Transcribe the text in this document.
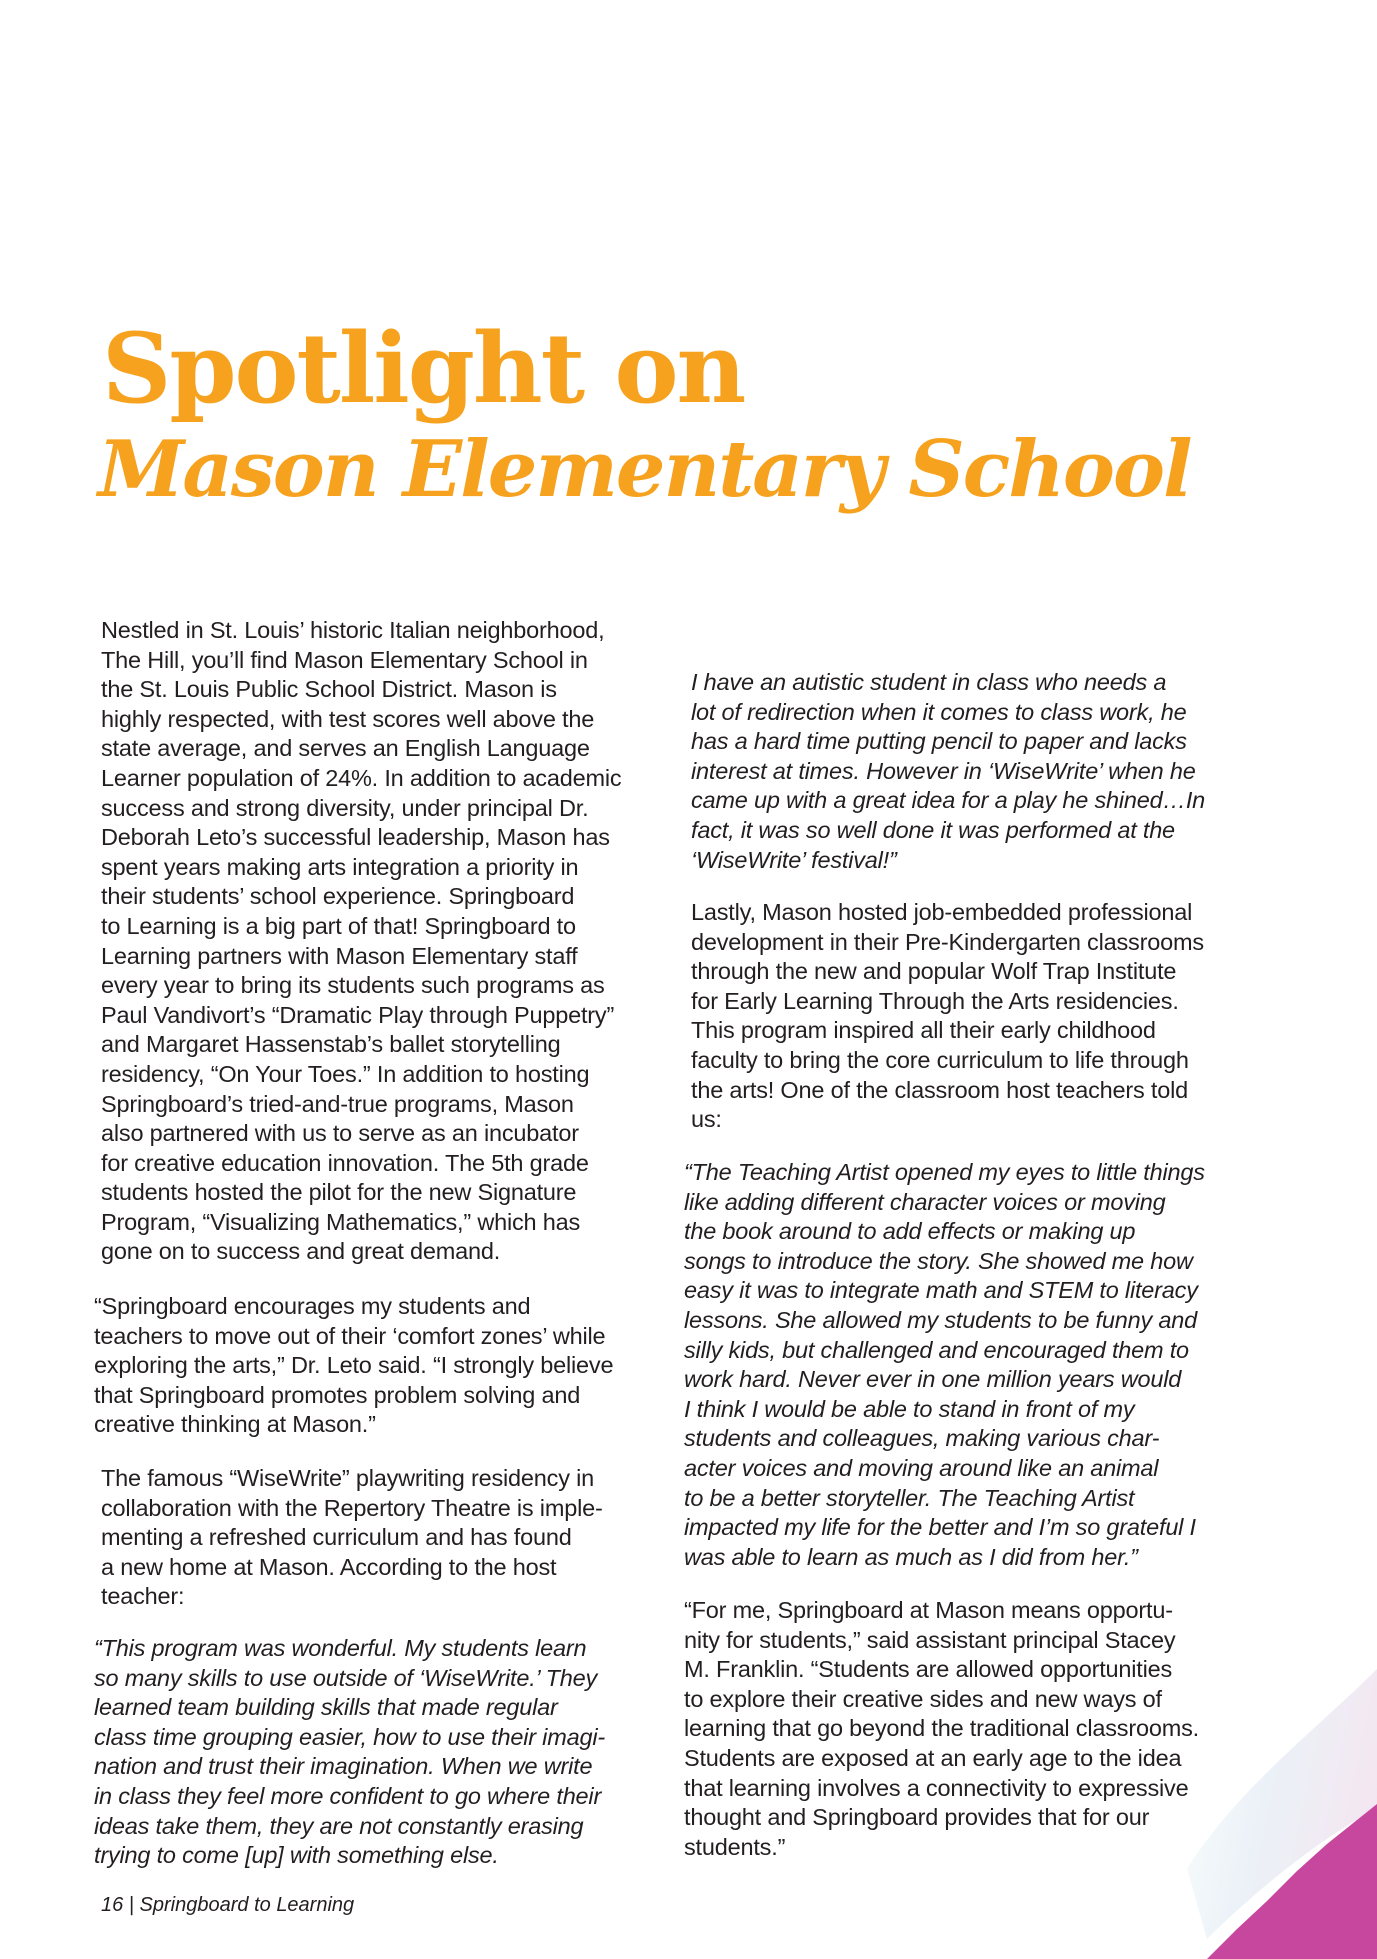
Spotlight on
Mason Elementary School
Nestled in St. Louis’ historic Italian neighborhood,
The Hill, you’ll find Mason Elementary School in
the St. Louis Public School District. Mason is
highly respected, with test scores well above the
state average, and serves an English Language
Learner population of 24%. In addition to academic
success and strong diversity, under principal Dr.
Deborah Leto’s successful leadership, Mason has
spent years making arts integration a priority in
their students’ school experience. Springboard
to Learning is a big part of that! Springboard to
Learning partners with Mason Elementary staff
every year to bring its students such programs as
Paul Vandivort’s “Dramatic Play through Puppetry”
and Margaret Hassenstab’s ballet storytelling
residency, “On Your Toes.” In addition to hosting
Springboard’s tried-and-true programs, Mason
also partnered with us to serve as an incubator
for creative education innovation. The 5th grade
students hosted the pilot for the new Signature
Program, “Visualizing Mathematics,” which has
gone on to success and great demand.
“Springboard encourages my students and
teachers to move out of their ‘comfort zones’ while
exploring the arts,” Dr. Leto said. “I strongly believe
that Springboard promotes problem solving and
creative thinking at Mason.”
The famous “WiseWrite” playwriting residency in
collaboration with the Repertory Theatre is imple-
menting a refreshed curriculum and has found
a new home at Mason. According to the host
teacher:
“This program was wonderful. My students learn
so many skills to use outside of ‘WiseWrite.’ They
learned team building skills that made regular
class time grouping easier, how to use their imagi-
nation and trust their imagination. When we write
in class they feel more confident to go where their
ideas take them, they are not constantly erasing
trying to come [up] with something else.
I have an autistic student in class who needs a
lot of redirection when it comes to class work, he
has a hard time putting pencil to paper and lacks
interest at times. However in ‘WiseWrite’ when he
came up with a great idea for a play he shined…In
fact, it was so well done it was performed at the
‘WiseWrite’ festival!”
Lastly, Mason hosted job-embedded professional
development in their Pre-Kindergarten classrooms
through the new and popular Wolf Trap Institute
for Early Learning Through the Arts residencies.
This program inspired all their early childhood
faculty to bring the core curriculum to life through
the arts! One of the classroom host teachers told
us:
“The Teaching Artist opened my eyes to little things
like adding different character voices or moving
the book around to add effects or making up
songs to introduce the story. She showed me how
easy it was to integrate math and STEM to literacy
lessons. She allowed my students to be funny and
silly kids, but challenged and encouraged them to
work hard. Never ever in one million years would
I think I would be able to stand in front of my
students and colleagues, making various char-
acter voices and moving around like an animal
to be a better storyteller. The Teaching Artist
impacted my life for the better and I’m so grateful I
was able to learn as much as I did from her.”
“For me, Springboard at Mason means opportu-
nity for students,” said assistant principal Stacey
M. Franklin. “Students are allowed opportunities
to explore their creative sides and new ways of
learning that go beyond the traditional classrooms.
Students are exposed at an early age to the idea
that learning involves a connectivity to expressive
thought and Springboard provides that for our
students.”
16 | Springboard to Learning
